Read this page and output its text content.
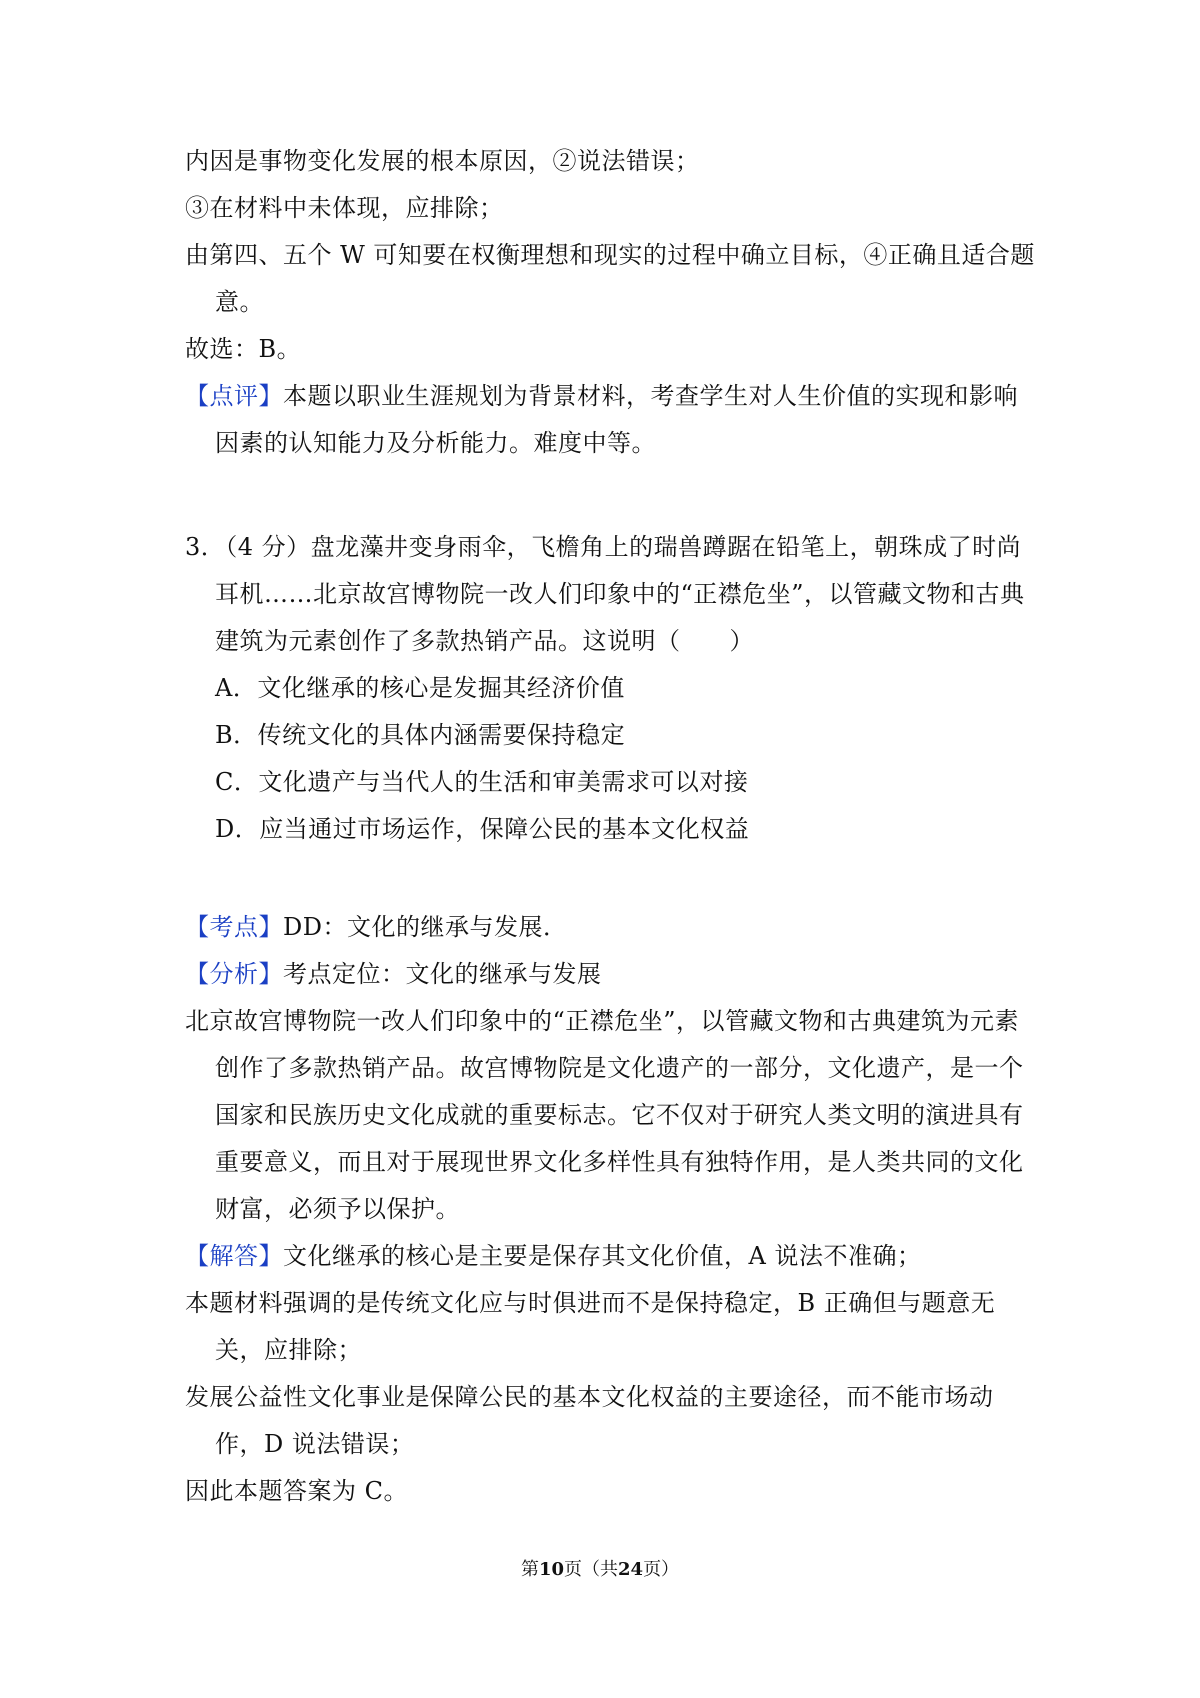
内因是事物变化发展的根本原因，②说法错误；
③在材料中未体现，应排除；
由第四、五个 W 可知要在权衡理想和现实的过程中确立目标，④正确且适合题
意。
故选：B。
【点评】本题以职业生涯规划为背景材料，考查学生对人生价值的实现和影响
因素的认知能力及分析能力。难度中等。
3．（4 分）盘龙藻井变身雨伞，飞檐角上的瑞兽蹲踞在铅笔上，朝珠成了时尚
耳机……北京故宫博物院一改人们印象中的“正襟危坐”，以管藏文物和古典
建筑为元素创作了多款热销产品。这说明（　　）
A．文化继承的核心是发掘其经济价值
B．传统文化的具体内涵需要保持稳定
C．文化遗产与当代人的生活和审美需求可以对接
D．应当通过市场运作，保障公民的基本文化权益
【考点】DD：文化的继承与发展．
【分析】考点定位：文化的继承与发展
北京故宫博物院一改人们印象中的“正襟危坐”，以管藏文物和古典建筑为元素
创作了多款热销产品。故宫博物院是文化遗产的一部分，文化遗产，是一个
国家和民族历史文化成就的重要标志。它不仅对于研究人类文明的演进具有
重要意义，而且对于展现世界文化多样性具有独特作用，是人类共同的文化
财富，必须予以保护。
【解答】文化继承的核心是主要是保存其文化价值，A 说法不准确；
本题材料强调的是传统文化应与时俱进而不是保持稳定，B 正确但与题意无
关，应排除；
发展公益性文化事业是保障公民的基本文化权益的主要途径，而不能市场动
作，D 说法错误；
因此本题答案为 C。
第10页（共24页）
